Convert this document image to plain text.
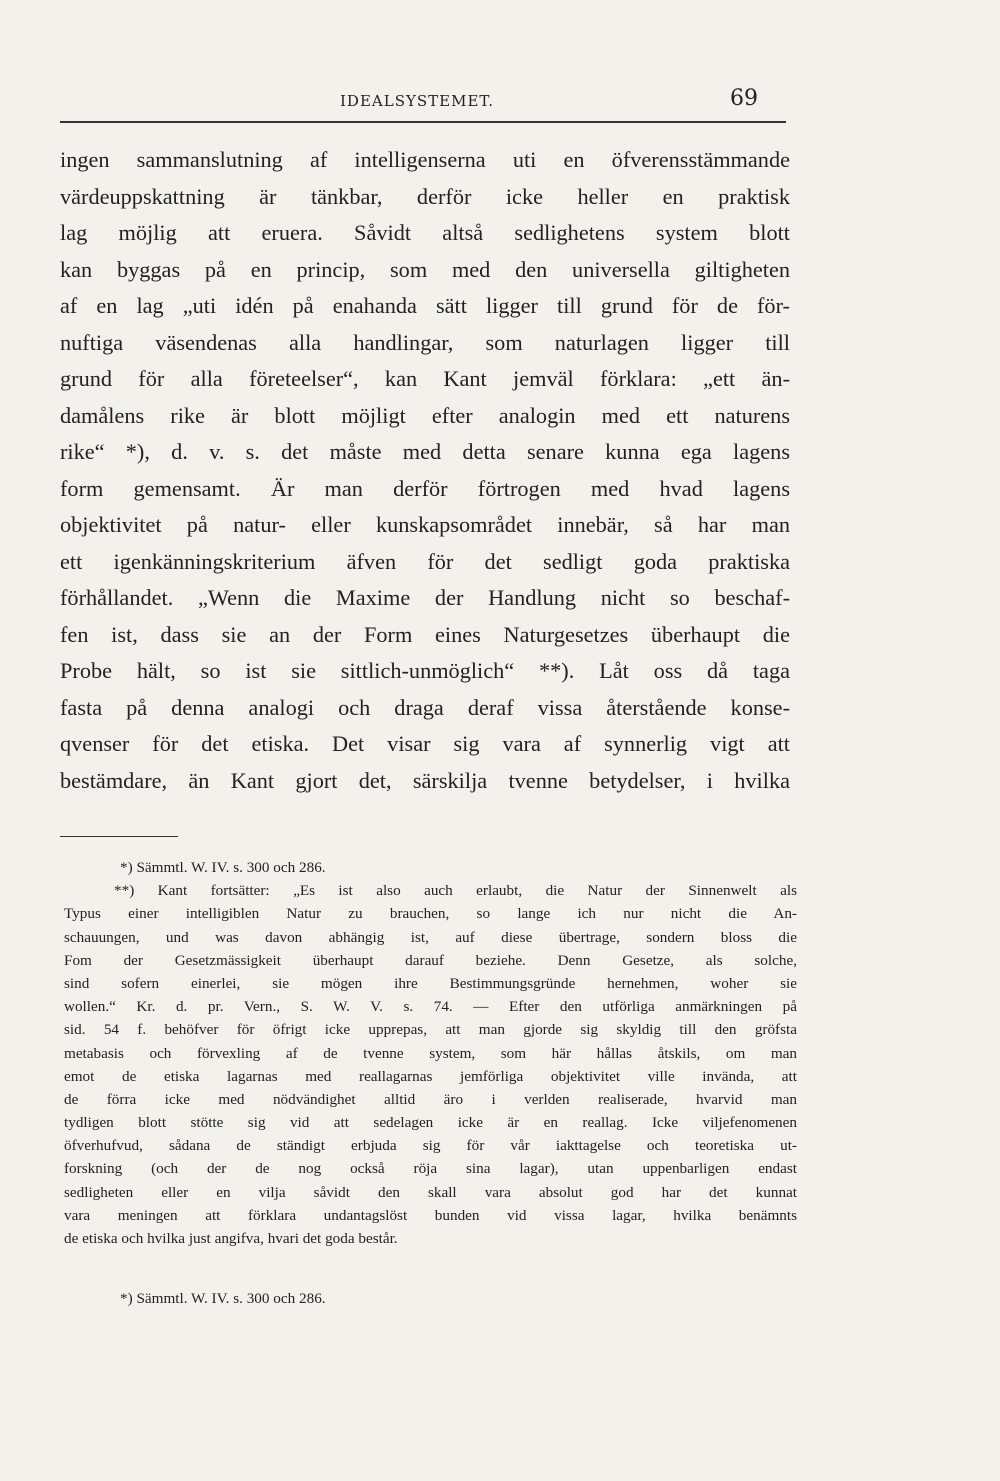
IDEALSYSTEMET.	69
ingen sammanslutning af intelligenserna uti en öfverensstämmande
värdeuppskattning är tänkbar, derför icke heller en praktisk
lag möjlig att eruera. Såvidt altså sedlighetens system blott
kan byggas på en princip, som med den universella giltigheten
af en lag „uti idén på enahanda sätt ligger till grund för de för-
nuftiga väsendenas alla handlingar, som naturlagen ligger till
grund för alla företeelser“, kan Kant jemväl förklara: „ett än-
damålens rike är blott möjligt efter analogin med ett naturens
rike“ *), d. v. s. det måste med detta senare kunna ega lagens
form gemensamt. Är man derför förtrogen med hvad lagens
objektivitet på natur- eller kunskapsområdet innebär, så har man
ett igenkänningskriterium äfven för det sedligt goda praktiska
förhållandet. „Wenn die Maxime der Handlung nicht so beschaf-
fen ist, dass sie an der Form eines Naturgesetzes überhaupt die
Probe hält, so ist sie sittlich-unmöglich“ **). Låt oss då taga
fasta på denna analogi och draga deraf vissa återstående konse-
qvenser för det etiska. Det visar sig vara af synnerlig vigt att
bestämdare, än Kant gjort det, särskilja tvenne betydelser, i hvilka
*) Sämmtl. W. IV. s. 300 och 286.
**) Kant fortsätter: „Es ist also auch erlaubt, die Natur der Sinnenwelt als
Typus einer intelligiblen Natur zu brauchen, so lange ich nur nicht die An-
schauungen, und was davon abhängig ist, auf diese übertrage, sondern bloss die
Fom der Gesetzmässigkeit überhaupt darauf beziehe. Denn Gesetze, als solche,
sind sofern einerlei, sie mögen ihre Bestimmungsgründe hernehmen, woher sie
wollen.“ Kr. d. pr. Vern., S. W. V. s. 74. — Efter den utförliga anmärkningen på
sid. 54 f. behöfver för öfrigt icke upprepas, att man gjorde sig skyldig till den gröfsta
metabasis och förvexling af de tvenne system, som här hållas åtskils, om man
emot de etiska lagarnas med reallagarnas jemförliga objektivitet ville invända, att
de förra icke med nödvändighet alltid äro i verlden realiserade, hvarvid man
tydligen blott stötte sig vid att sedelagen icke är en reallag. Icke viljefenomenen
öfverhufvud, sådana de ständigt erbjuda sig för vår iakttagelse och teoretiska ut-
forskning (och der de nog också röja sina lagar), utan uppenbarligen endast
sedligheten eller en vilja såvidt den skall vara absolut god har det kunnat
vara meningen att förklara undantagslöst bunden vid vissa lagar, hvilka benämnts
de etiska och hvilka just angifva, hvari det goda består.
*) Sämmtl. W. IV. s. 300 och 286.
